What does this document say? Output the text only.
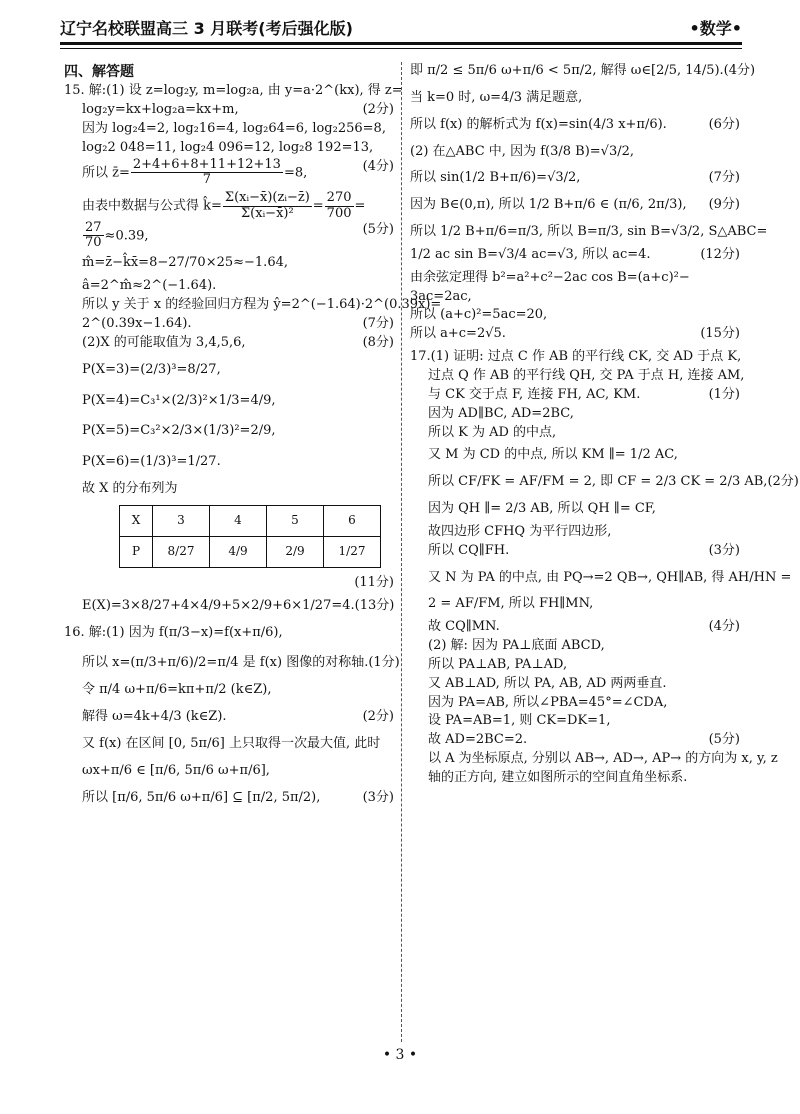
辽宁名校联盟高三 3 月联考(考后强化版)	•数学•
四、解答题
15. 解:(1) 设 z=log₂y, m=log₂a, 由 y=a·2^(kx), 得 z=
log₂y=kx+log₂a=kx+m,	(2分)
因为 log₂4=2, log₂16=4, log₂64=6, log₂256=8,
log₂2 048=11, log₂4 096=12, log₂8 192=13,
所以 z̄= $\frac{2+4+6+8+11+12+13}{7} =8$,	(4分)
由表中数据与公式得 k̂= $\frac{\text{Σ(xᵢ−x̄)(zᵢ−z̄)}}{\text{Σ(xᵢ−x̄)²}} = \frac{270}{700}$ =
$\frac{27}{70} \approx 0.39$,	(5分)
m̂=z̄−k̂x̄=8−27/70×25≈−1.64,
â=2^m̂≈2^(−1.64).
所以 y 关于 x 的经验回归方程为 ŷ=2^(−1.64)·2^(0.39x)=
2^(0.39x−1.64).	(7分)
(2)X 的可能取值为 3,4,5,6,	(8分)
P(X=3)=(2/3)³=8/27,
P(X=4)=C₃¹×(2/3)²×1/3=4/9,
P(X=5)=C₃²×2/3×(1/3)²=2/9,
P(X=6)=(1/3)³=1/27.
故 X 的分布列为
X	3	4	5	6
P	8/27	4/9	2/9	1/27
(11分)
E(X)=3×8/27+4×4/9+5×2/9+6×1/27=4. (13分)
16. 解:(1) 因为 f(π/3−x)=f(x+π/6),
所以 x=(π/3+π/6)/2=π/4 是 f(x) 图像的对称轴. (1分)
令 π/4 ω+π/6=kπ+π/2 (k∈Z),
解得 ω=4k+4/3 (k∈Z).	(2分)
又 f(x) 在区间 [0, 5π/6] 上只取得一次最大值, 此时
ωx+π/6 ∈ [π/6, 5π/6 ω+π/6],
所以 [π/6, 5π/6 ω+π/6] ⊆ [π/2, 5π/2),	(3分)
即 π/2 ≤ 5π/6 ω+π/6 < 5π/2, 解得 ω∈[2/5, 14/5). (4分)
当 k=0 时, ω=4/3 满足题意,
所以 f(x) 的解析式为 f(x)=sin(4/3 x+π/6).	(6分)
(2) 在△ABC 中, 因为 f(3/8 B)=√3/2,
所以 sin(1/2 B+π/6)=√3/2,	(7分)
因为 B∈(0,π), 所以 1/2 B+π/6 ∈ (π/6, 2π/3), (9分)
所以 1/2 B+π/6=π/3, 所以 B=π/3, sin B=√3/2, S△ABC=
1/2 ac sin B=√3/4 ac=√3, 所以 ac=4.	(12分)
由余弦定理得 b²=a²+c²−2ac cos B=(a+c)²−
3ac=2ac,
所以 (a+c)²=5ac=20,
所以 a+c=2√5.	(15分)
17.(1) 证明: 过点 C 作 AB 的平行线 CK, 交 AD 于点 K,
过点 Q 作 AB 的平行线 QH, 交 PA 于点 H, 连接 AM,
与 CK 交于点 F, 连接 FH, AC, KM.	(1分)
因为 AD∥BC, AD=2BC,
所以 K 为 AD 的中点,
又 M 为 CD 的中点, 所以 KM ∥= 1/2 AC,
所以 CF/FK = AF/FM = 2, 即 CF = 2/3 CK = 2/3 AB, (2分)
因为 QH ∥= 2/3 AB, 所以 QH ∥= CF,
故四边形 CFHQ 为平行四边形,
所以 CQ∥FH.	(3分)
又 N 为 PA 的中点, 由 PQ→=2 QB→, QH∥AB, 得 AH/HN =
2 = AF/FM, 所以 FH∥MN,
故 CQ∥MN.	(4分)
(2) 解: 因为 PA⊥底面 ABCD,
所以 PA⊥AB, PA⊥AD,
又 AB⊥AD, 所以 PA, AB, AD 两两垂直.
因为 PA=AB, 所以∠PBA=45°=∠CDA,
设 PA=AB=1, 则 CK=DK=1,
故 AD=2BC=2.	(5分)
以 A 为坐标原点, 分别以 AB→, AD→, AP→ 的方向为 x, y, z
轴的正方向, 建立如图所示的空间直角坐标系.
• 3 •
